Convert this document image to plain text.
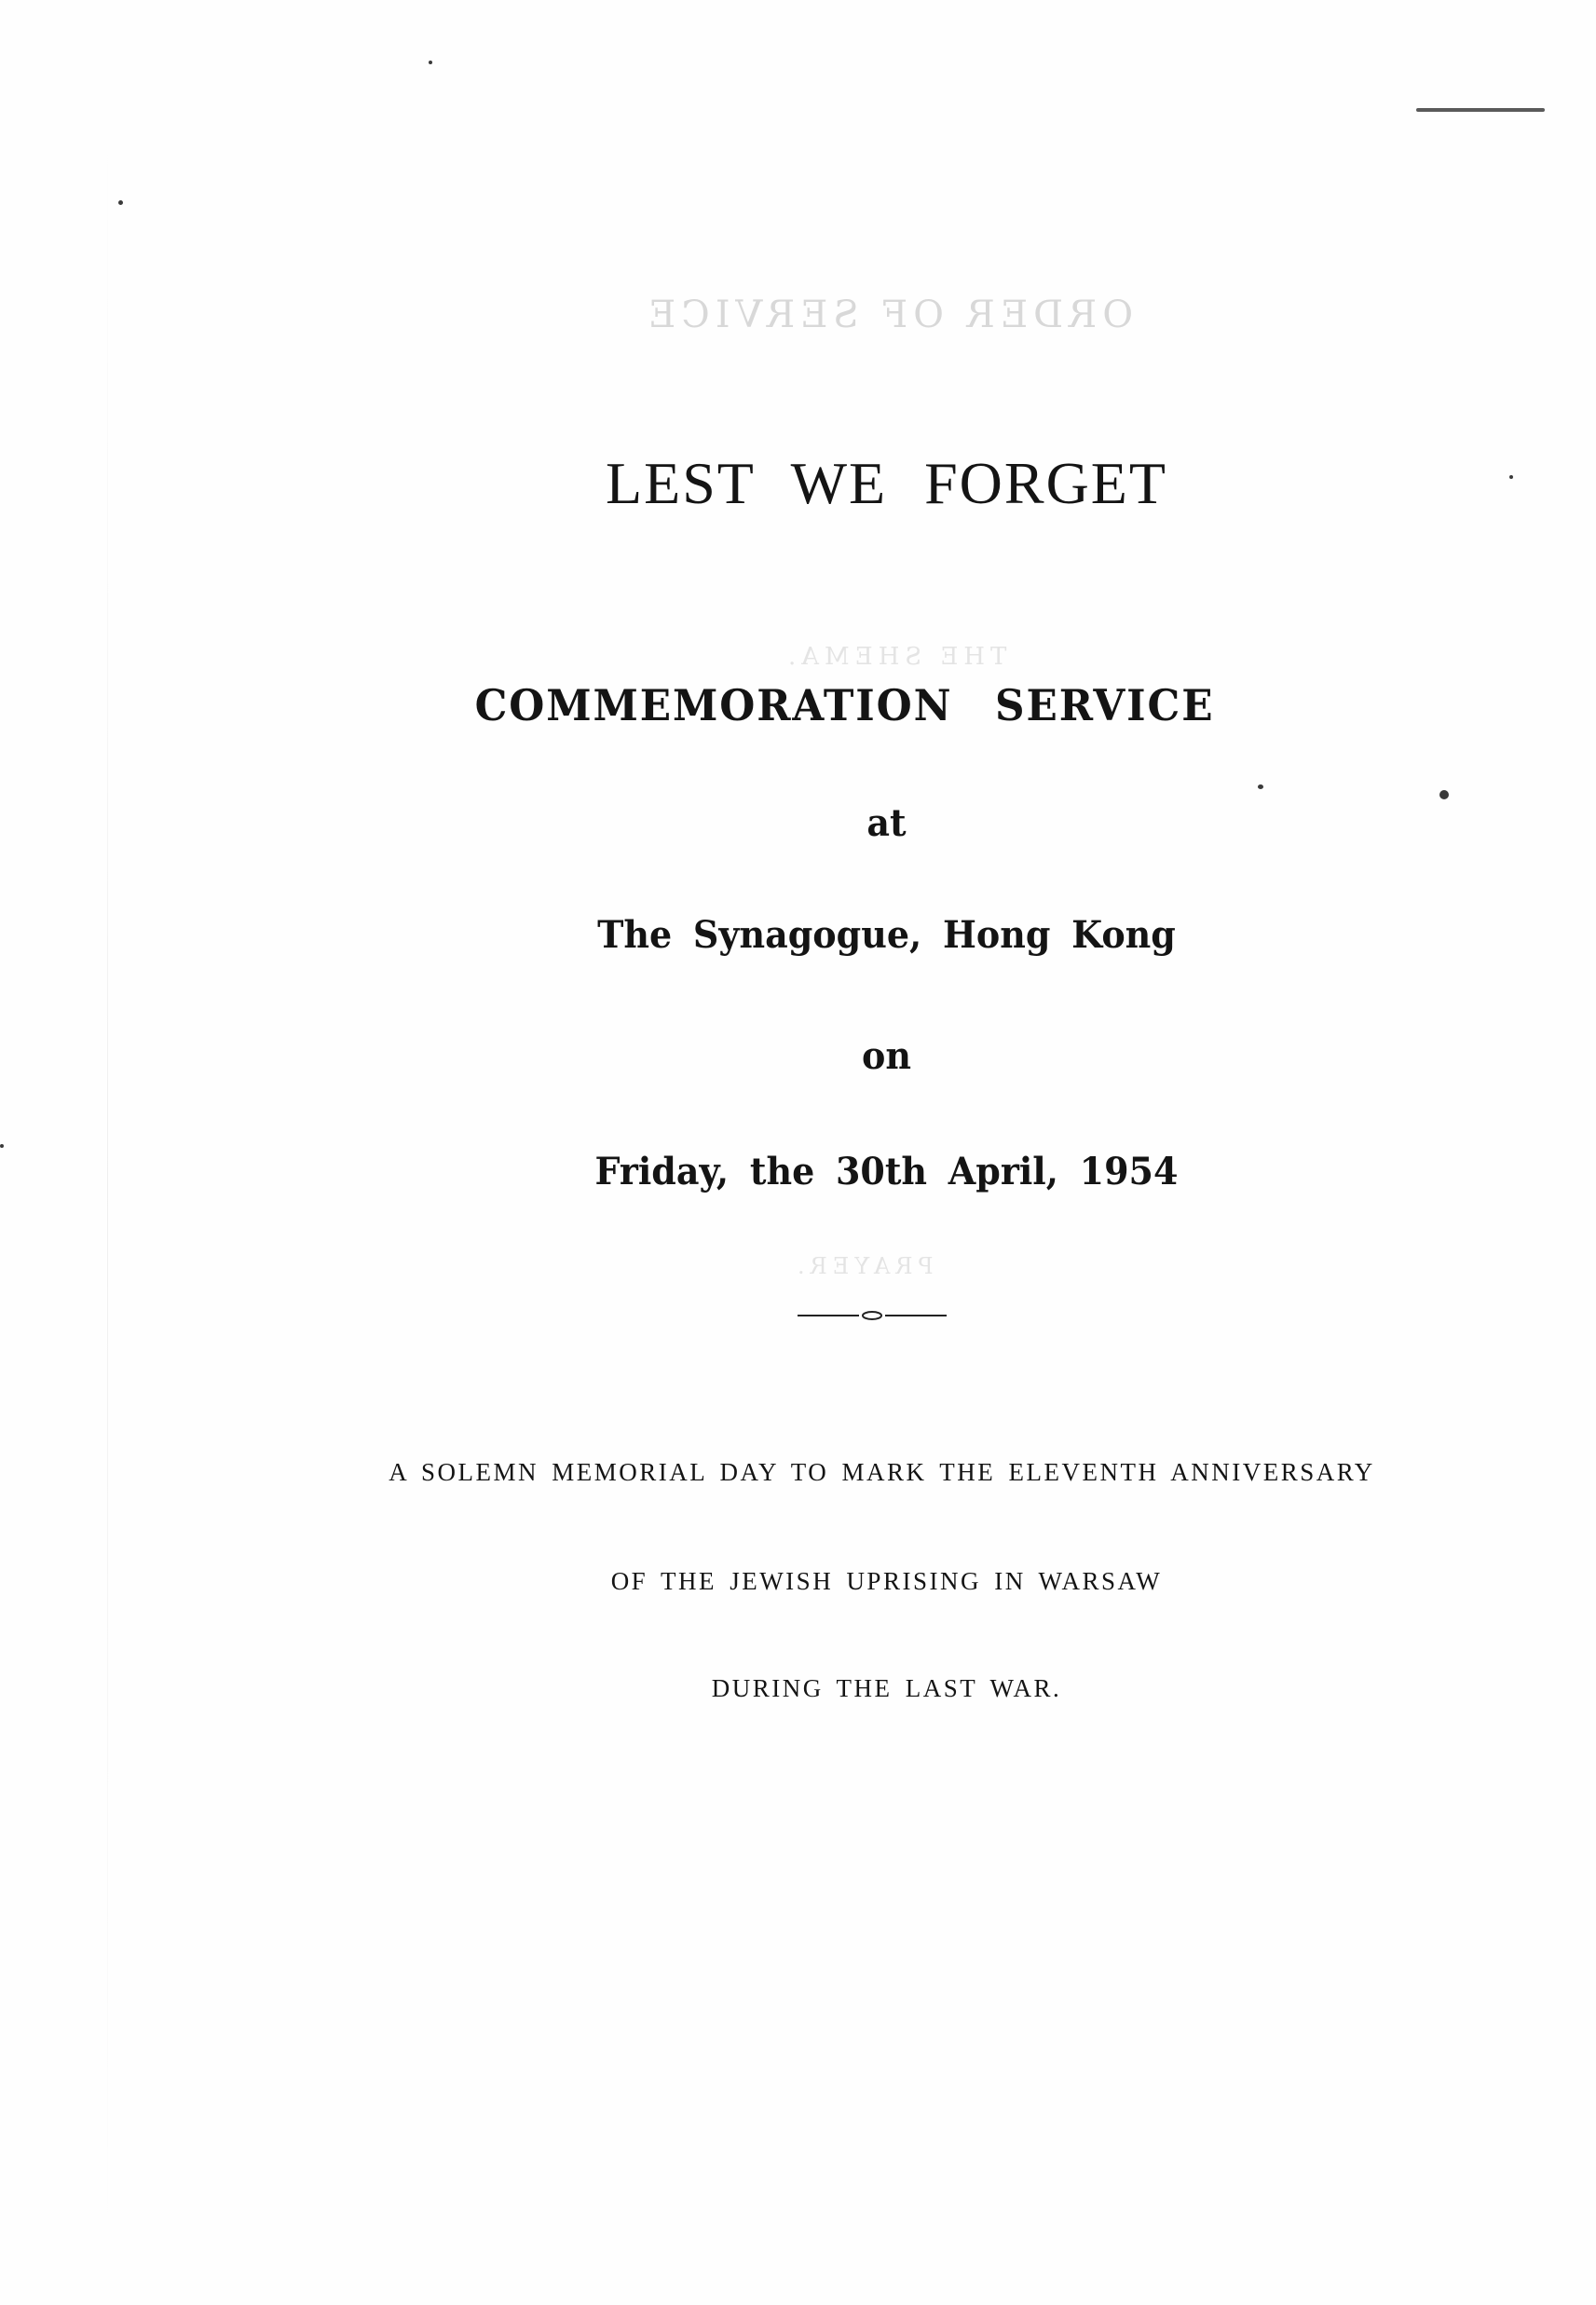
ORDER OF SERVICE
THE SHEMA.
PRAYER.
LEST WE FORGET
COMMEMORATION SERVICE
at
The Synagogue, Hong Kong
on
Friday, the 30th April, 1954
A SOLEMN MEMORIAL DAY TO MARK THE ELEVENTH ANNIVERSARY
OF THE JEWISH UPRISING IN WARSAW
DURING THE LAST WAR.
